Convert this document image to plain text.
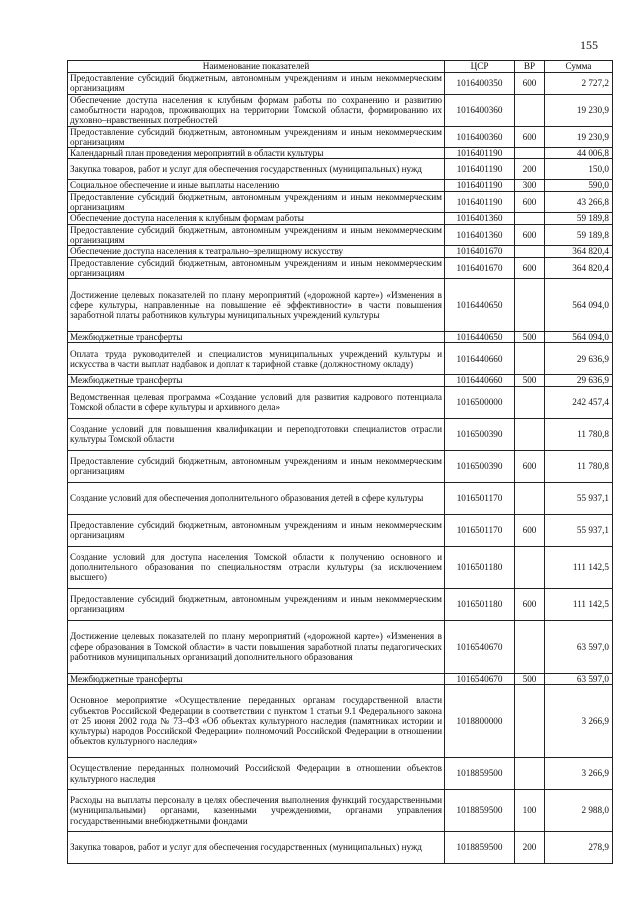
155
Наименование показателей	ЦСР	ВР	Сумма
Предоставление субсидий бюджетным, автономным учреждениям и иным некоммерческим организациям	1016400350	600	2 727,2
Обеспечение доступа населения к клубным формам работы по сохранению и развитию самобытности народов, проживающих на территории Томской области, формированию их духовно–нравственных потребностей	1016400360		19 230,9
Предоставление субсидий бюджетным, автономным учреждениям и иным некоммерческим организациям	1016400360	600	19 230,9
Календарный план проведения мероприятий в области культуры	1016401190		44 006,8
Закупка товаров, работ и услуг для обеспечения государственных (муниципальных) нужд	1016401190	200	150,0
Социальное обеспечение и иные выплаты населению	1016401190	300	590,0
Предоставление субсидий бюджетным, автономным учреждениям и иным некоммерческим организациям	1016401190	600	43 266,8
Обеспечение доступа населения к клубным формам работы	1016401360		59 189,8
Предоставление субсидий бюджетным, автономным учреждениям и иным некоммерческим организациям	1016401360	600	59 189,8
Обеспечение доступа населения к театрально–зрелищному искусству	1016401670		364 820,4
Предоставление субсидий бюджетным, автономным учреждениям и иным некоммерческим организациям	1016401670	600	364 820,4
Достижение целевых показателей по плану мероприятий («дорожной карте») «Изменения в сфере культуры, направленные на повышение её эффективности» в части повышения заработной платы работников культуры муниципальных учреждений культуры	1016440650		564 094,0
Межбюджетные трансферты	1016440650	500	564 094,0
Оплата труда руководителей и специалистов муниципальных учреждений культуры и искусства в части выплат надбавок и доплат к тарифной ставке (должностному окладу)	1016440660		29 636,9
Межбюджетные трансферты	1016440660	500	29 636,9
Ведомственная целевая программа «Создание условий для развития кадрового потенциала Томской области в сфере культуры и архивного дела»	1016500000		242 457,4
Создание условий для повышения квалификации и переподготовки специалистов отрасли культуры Томской области	1016500390		11 780,8
Предоставление субсидий бюджетным, автономным учреждениям и иным некоммерческим организациям	1016500390	600	11 780,8
Создание условий для обеспечения дополнительного образования детей в сфере культуры	1016501170		55 937,1
Предоставление субсидий бюджетным, автономным учреждениям и иным некоммерческим организациям	1016501170	600	55 937,1
Создание условий для доступа населения Томской области к получению основного и дополнительного образования по специальностям отрасли культуры (за исключением высшего)	1016501180		111 142,5
Предоставление субсидий бюджетным, автономным учреждениям и иным некоммерческим организациям	1016501180	600	111 142,5
Достижение целевых показателей по плану мероприятий («дорожной карте») «Изменения в сфере образования в Томской области» в части повышения заработной платы педагогических работников муниципальных организаций дополнительного образования	1016540670		63 597,0
Межбюджетные трансферты	1016540670	500	63 597,0
Основное мероприятие «Осуществление переданных органам государственной власти субъектов Российской Федерации в соответствии с пунктом 1 статьи 9.1 Федерального закона от 25 июня 2002 года № 73–ФЗ «Об объектах культурного наследия (памятниках истории и культуры) народов Российской Федерации» полномочий Российской Федерации в отношении объектов культурного наследия»	1018800000		3 266,9
Осуществление переданных полномочий Российской Федерации в отношении объектов культурного наследия	1018859500		3 266,9
Расходы на выплаты персоналу в целях обеспечения выполнения функций государственными (муниципальными) органами, казенными учреждениями, органами управления государственными внебюджетными фондами	1018859500	100	2 988,0
Закупка товаров, работ и услуг для обеспечения государственных (муниципальных) нужд	1018859500	200	278,9
